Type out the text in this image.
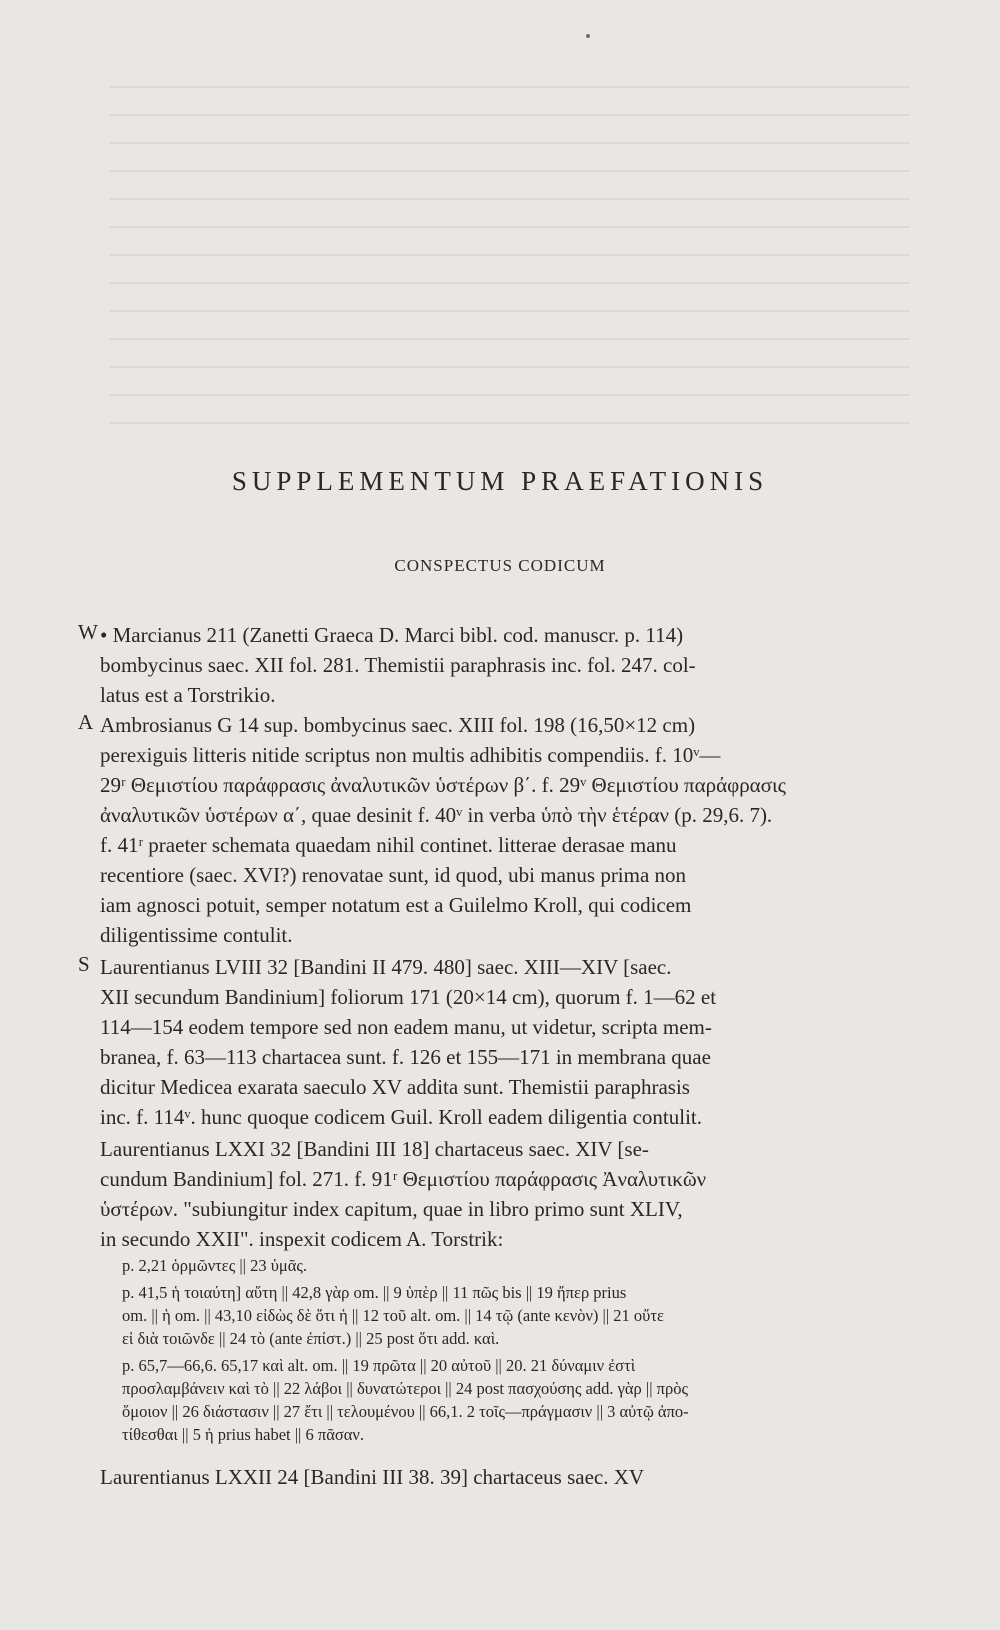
SUPPLEMENTUM PRAEFATIONIS
CONSPECTUS CODICUM
W • Marcianus 211 (Zanetti Graeca D. Marci bibl. cod. manuscr. p. 114)
bombycinus saec. XII fol. 281. Themistii paraphrasis inc. fol. 247. col-
latus est a Torstrikio.
A Ambrosianus G 14 sup. bombycinus saec. XIII fol. 198 (16,50×12 cm)
perexiguis litteris nitide scriptus non multis adhibitis compendiis. f. 10ᵛ—
29ʳ Θεμιστίου παράφρασις ἀναλυτικῶν ὑστέρων β΄. f. 29ᵛ Θεμιστίου παράφρασις
ἀναλυτικῶν ὑστέρων α΄, quae desinit f. 40ᵛ in verba ὑπὸ τὴν ἑτέραν (p. 29,6. 7).
f. 41ʳ praeter schemata quaedam nihil continet. litterae derasae manu
recentiore (saec. XVI?) renovatae sunt, id quod, ubi manus prima non
iam agnosci potuit, semper notatum est a Guilelmo Kroll, qui codicem
diligentissime contulit.
S Laurentianus LVIII 32 [Bandini II 479. 480] saec. XIII—XIV [saec.
XII secundum Bandinium] foliorum 171 (20×14 cm), quorum f. 1—62 et
114—154 eodem tempore sed non eadem manu, ut videtur, scripta mem-
branea, f. 63—113 chartacea sunt. f. 126 et 155—171 in membrana quae
dicitur Medicea exarata saeculo XV addita sunt. Themistii paraphrasis
inc. f. 114ᵛ. hunc quoque codicem Guil. Kroll eadem diligentia contulit.
Laurentianus LXXI 32 [Bandini III 18] chartaceus saec. XIV [se-
cundum Bandinium] fol. 271. f. 91ʳ Θεμιστίου παράφρασις Ἀναλυτικῶν
ὑστέρων. "subiungitur index capitum, quae in libro primo sunt XLIV,
in secundo XXII". inspexit codicem A. Torstrik:
p. 2,21 ὁρμῶντες || 23 ὑμᾶς.
p. 41,5 ἡ τοιαύτη] αὕτη || 42,8 γὰρ om. || 9 ὑπὲρ || 11 πῶς bis || 19 ἤπερ prius
om. || ἡ om. || 43,10 εἰδὼς δὲ ὅτι ἡ || 12 τοῦ alt. om. || 14 τῷ (ante κενὸν) || 21 οὔτε
εἰ διὰ τοιῶνδε || 24 τὸ (ante ἐπίστ.) || 25 post ὅτι add. καὶ.
p. 65,7—66,6. 65,17 καὶ alt. om. || 19 πρῶτα || 20 αὐτοῦ || 20. 21 δύναμιν ἐστὶ
προσλαμβάνειν καὶ τὸ || 22 λάβοι || δυνατώτεροι || 24 post πασχούσης add. γὰρ || πρὸς
ὅμοιον || 26 διάστασιν || 27 ἔτι || τελουμένου || 66,1. 2 τοῖς—πράγμασιν || 3 αὐτῷ ἀπο-
τίθεσθαι || 5 ἡ prius habet || 6 πᾶσαν.
Laurentianus LXXII 24 [Bandini III 38. 39] chartaceus saec. XV
